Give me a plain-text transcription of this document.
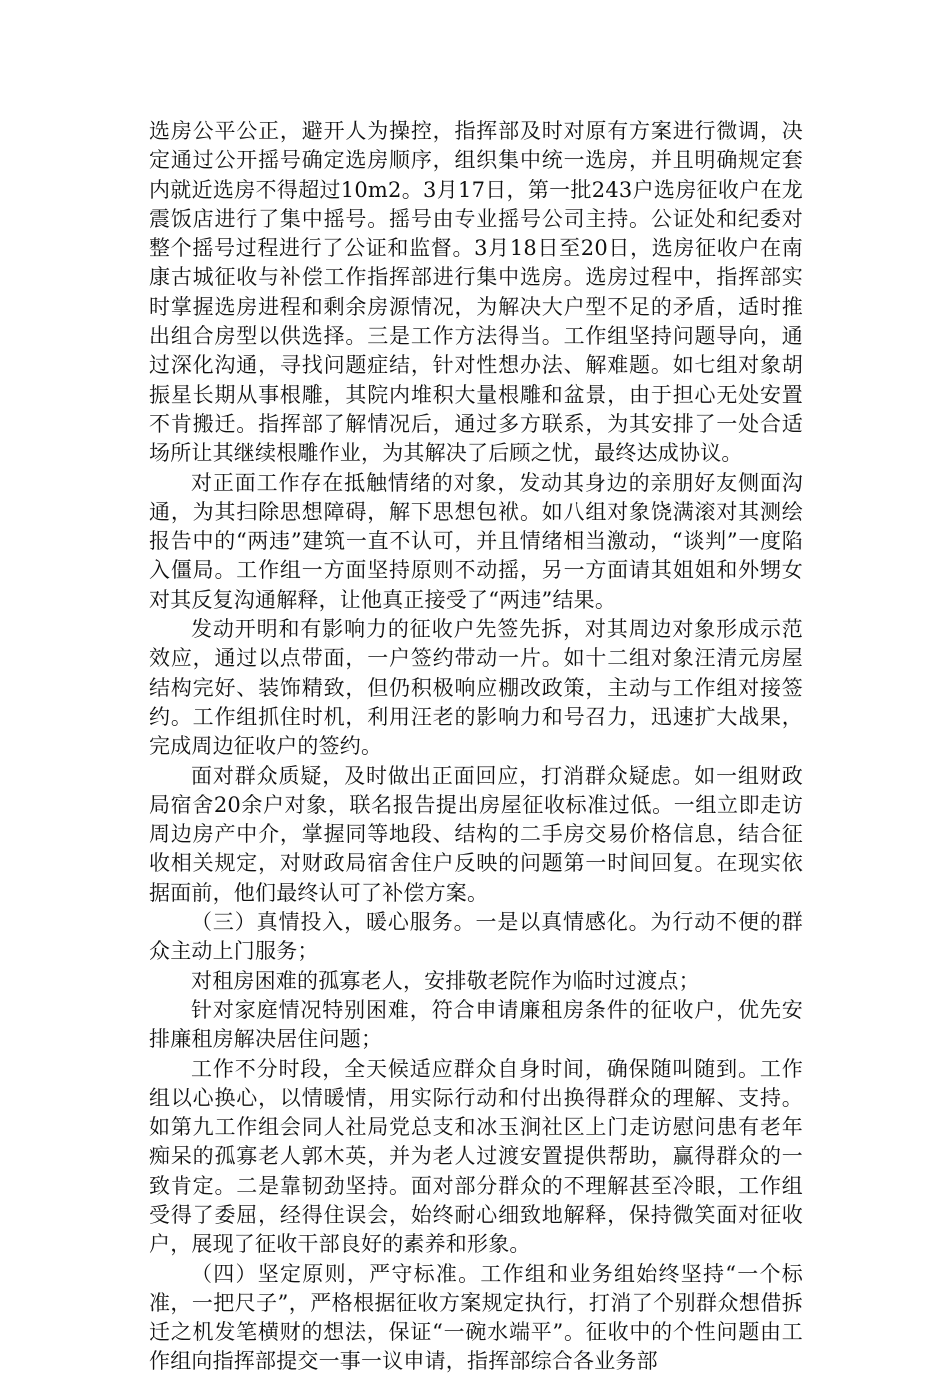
选房公平公正，避开人为操控，指挥部及时对原有方案进行微调，决定通过公开摇号确定选房顺序，组织集中统一选房，并且明确规定套内就近选房不得超过10m2。3月17日，第一批243户选房征收户在龙震饭店进行了集中摇号。摇号由专业摇号公司主持。公证处和纪委对整个摇号过程进行了公证和监督。3月18日至20日，选房征收户在南康古城征收与补偿工作指挥部进行集中选房。选房过程中，指挥部实时掌握选房进程和剩余房源情况，为解决大户型不足的矛盾，适时推出组合房型以供选择。三是工作方法得当。工作组坚持问题导向，通过深化沟通，寻找问题症结，针对性想办法、解难题。如七组对象胡振星长期从事根雕，其院内堆积大量根雕和盆景，由于担心无处安置不肯搬迁。指挥部了解情况后，通过多方联系，为其安排了一处合适场所让其继续根雕作业，为其解决了后顾之忧，最终达成协议。

对正面工作存在抵触情绪的对象，发动其身边的亲朋好友侧面沟通，为其扫除思想障碍，解下思想包袱。如八组对象饶满滚对其测绘报告中的“两违”建筑一直不认可，并且情绪相当激动，“谈判”一度陷入僵局。工作组一方面坚持原则不动摇，另一方面请其姐姐和外甥女对其反复沟通解释，让他真正接受了“两违”结果。

发动开明和有影响力的征收户先签先拆，对其周边对象形成示范效应，通过以点带面，一户签约带动一片。如十二组对象汪清元房屋结构完好、装饰精致，但仍积极响应棚改政策，主动与工作组对接签约。工作组抓住时机，利用汪老的影响力和号召力，迅速扩大战果，完成周边征收户的签约。

面对群众质疑，及时做出正面回应，打消群众疑虑。如一组财政局宿舍20余户对象，联名报告提出房屋征收标准过低。一组立即走访周边房产中介，掌握同等地段、结构的二手房交易价格信息，结合征收相关规定，对财政局宿舍住户反映的问题第一时间回复。在现实依据面前，他们最终认可了补偿方案。

（三）真情投入，暖心服务。一是以真情感化。为行动不便的群众主动上门服务；

对租房困难的孤寡老人，安排敬老院作为临时过渡点；

针对家庭情况特别困难，符合申请廉租房条件的征收户，优先安排廉租房解决居住问题；

工作不分时段，全天候适应群众自身时间，确保随叫随到。工作组以心换心，以情暖情，用实际行动和付出换得群众的理解、支持。如第九工作组会同人社局党总支和冰玉涧社区上门走访慰问患有老年痴呆的孤寡老人郭木英，并为老人过渡安置提供帮助，赢得群众的一致肯定。二是靠韧劲坚持。面对部分群众的不理解甚至冷眼，工作组受得了委屈，经得住误会，始终耐心细致地解释，保持微笑面对征收户，展现了征收干部良好的素养和形象。

（四）坚定原则，严守标准。工作组和业务组始终坚持“一个标准，一把尺子”，严格根据征收方案规定执行，打消了个别群众想借拆迁之机发笔横财的想法，保证“一碗水端平”。征收中的个性问题由工作组向指挥部提交一事一议申请，指挥部综合各业务部
